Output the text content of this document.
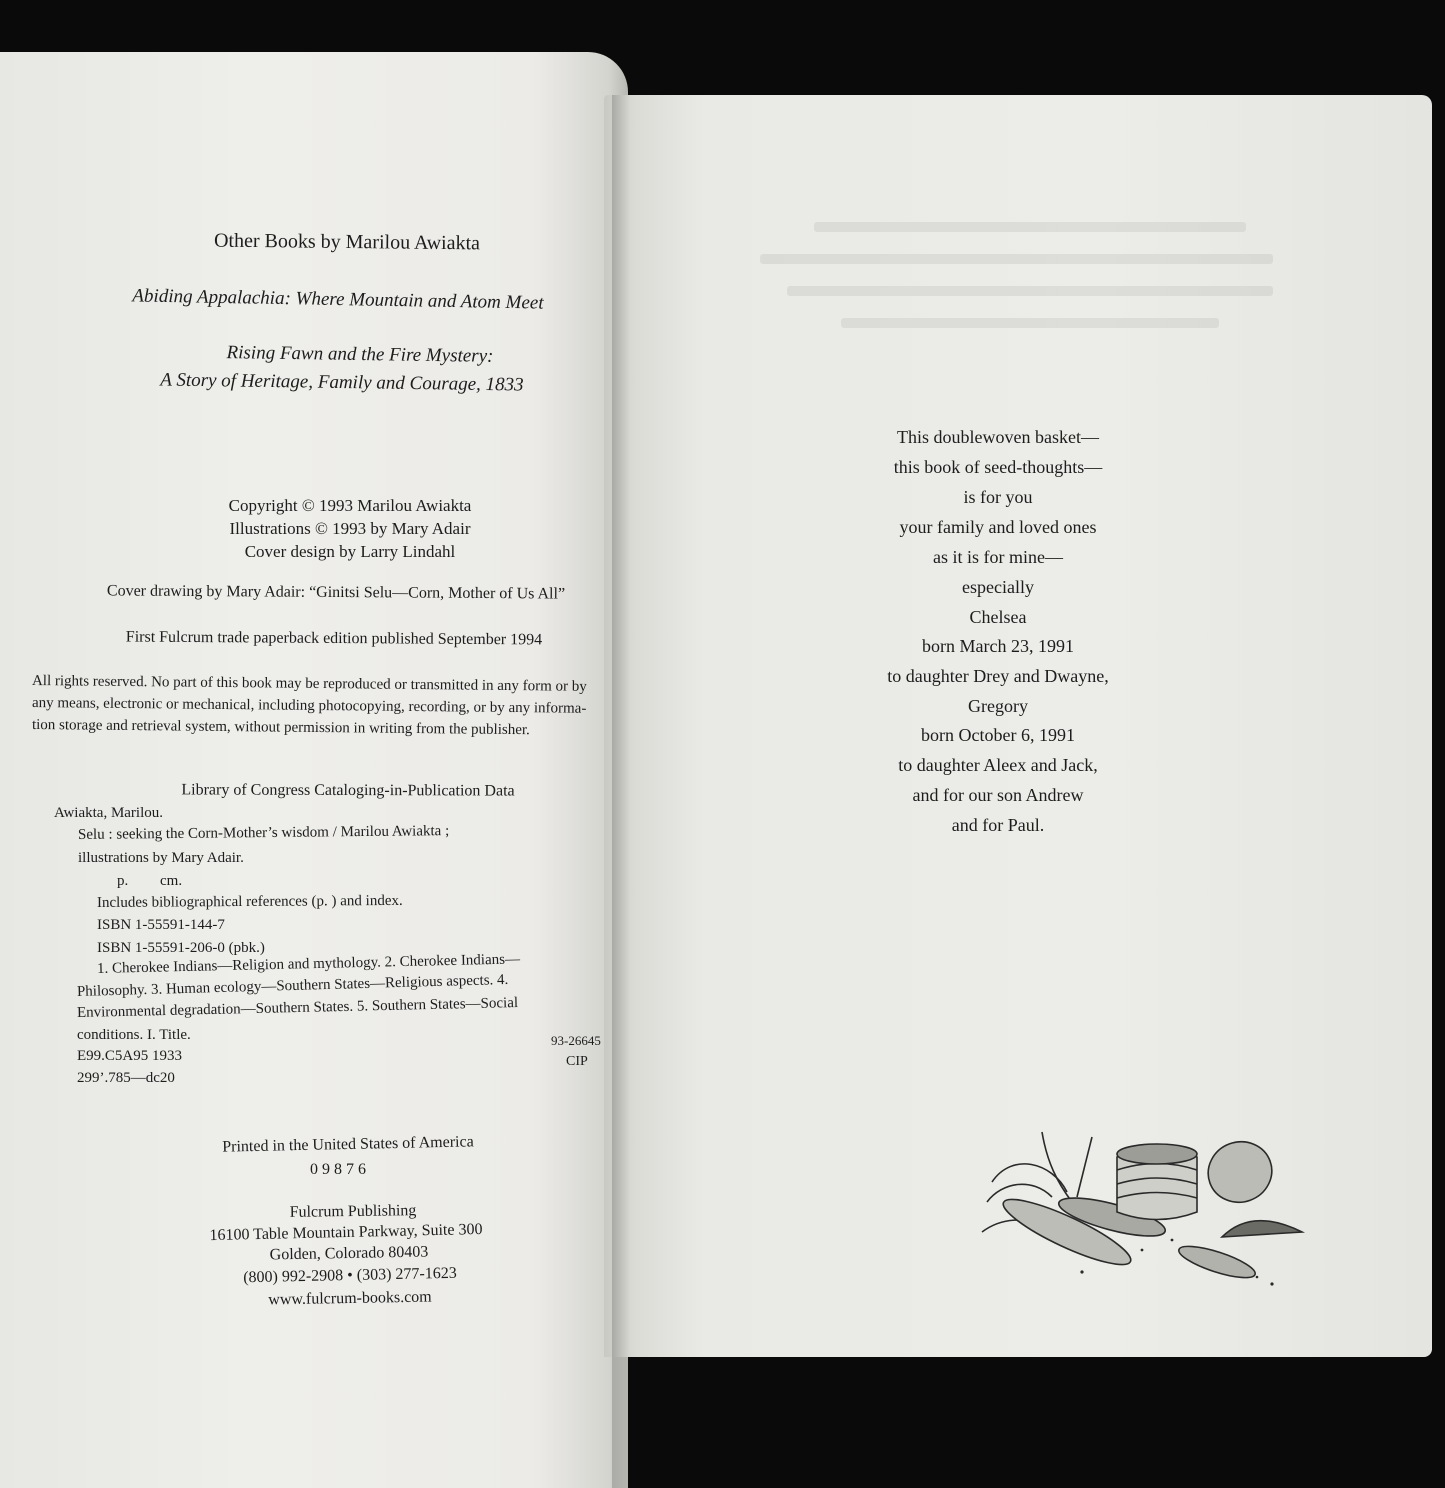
Other Books by Marilou Awiakta
Abiding Appalachia: Where Mountain and Atom Meet
Rising Fawn and the Fire Mystery:
A Story of Heritage, Family and Courage, 1833
Copyright © 1993 Marilou Awiakta
Illustrations © 1993 by Mary Adair
Cover design by Larry Lindahl
Cover drawing by Mary Adair: “Ginitsi Selu—Corn, Mother of Us All”
First Fulcrum trade paperback edition published September 1994
All rights reserved. No part of this book may be reproduced or transmitted in any form or by
any means, electronic or mechanical, including photocopying, recording, or by any informa-
tion storage and retrieval system, without permission in writing from the publisher.
Library of Congress Cataloging-in-Publication Data
Awiakta, Marilou.
Selu : seeking the Corn-Mother’s wisdom / Marilou Awiakta ;
illustrations by Mary Adair.
p. cm.
Includes bibliographical references (p. ) and index.
ISBN 1-55591-144-7
ISBN 1-55591-206-0 (pbk.)
1. Cherokee Indians—Religion and mythology. 2. Cherokee Indians—
Philosophy. 3. Human ecology—Southern States—Religious aspects. 4.
Environmental degradation—Southern States. 5. Southern States—Social
conditions. I. Title.
E99.C5A95 1933
299’.785—dc20
93-26645
CIP
Printed in the United States of America
0 9 8 7 6
Fulcrum Publishing
16100 Table Mountain Parkway, Suite 300
Golden, Colorado 80403
(800) 992-2908 • (303) 277-1623
www.fulcrum-books.com
This doublewoven basket—
this book of seed-thoughts—
is for you
your family and loved ones
as it is for mine—
especially
Chelsea
born March 23, 1991
to daughter Drey and Dwayne,
Gregory
born October 6, 1991
to daughter Aleex and Jack,
and for our son Andrew
and for Paul.
